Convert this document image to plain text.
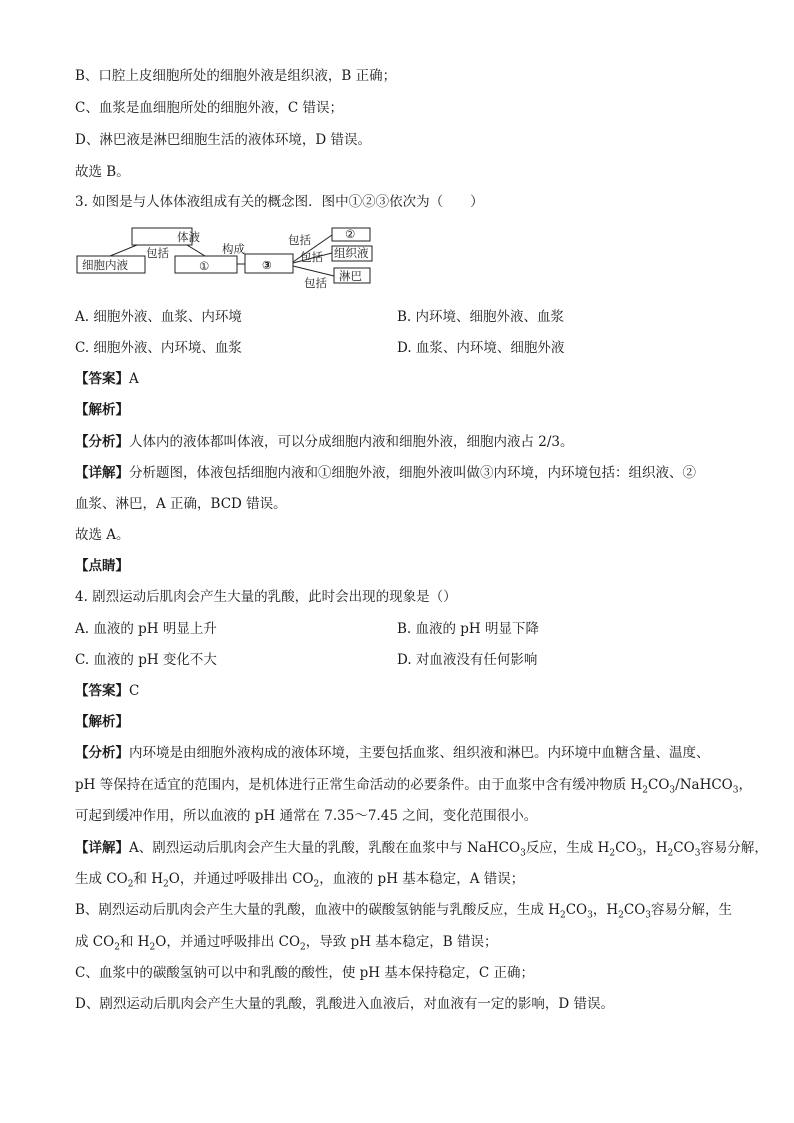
B、口腔上皮细胞所处的细胞外液是组织液，B 正确；
C、血浆是血细胞所处的细胞外液，C 错误；
D、淋巴液是淋巴细胞生活的液体环境，D 错误。
故选 B。
3. 如图是与人体体液组成有关的概念图．图中①②③依次为（　　）
体液
细胞内液	①	③
②
组织液
淋巴
包括	构成
包括
包括
包括
A. 细胞外液、血浆、内环境	B. 内环境、细胞外液、血浆
C. 细胞外液、内环境、血浆	D. 血浆、内环境、细胞外液
【答案】A
【解析】
【分析】人体内的液体都叫体液，可以分成细胞内液和细胞外液，细胞内液占 2/3。
【详解】分析题图，体液包括细胞内液和①细胞外液，细胞外液叫做③内环境，内环境包括：组织液、②
血浆、淋巴，A 正确，BCD 错误。
故选 A。
【点睛】
4. 剧烈运动后肌肉会产生大量的乳酸，此时会出现的现象是（）
A. 血液的 pH 明显上升	B. 血液的 pH 明显下降
C. 血液的 pH 变化不大	D. 对血液没有任何影响
【答案】C
【解析】
【分析】内环境是由细胞外液构成的液体环境，主要包括血浆、组织液和淋巴。内环境中血糖含量、温度、
pH 等保持在适宜的范围内，是机体进行正常生命活动的必要条件。由于血浆中含有缓冲物质 $H_2CO_3/NaHCO_3$，
可起到缓冲作用，所以血液的 pH 通常在 7.35～7.45 之间，变化范围很小。
【详解】A、剧烈运动后肌肉会产生大量的乳酸，乳酸在血浆中与 NaHCO$_3$反应，生成 $H_2CO_3$，$H_2CO_3$容易分解，
生成 $CO_2$和 $H_2O$，并通过呼吸排出 $CO_2$，血液的 pH 基本稳定，A 错误；
B、剧烈运动后肌肉会产生大量的乳酸，血液中的碳酸氢钠能与乳酸反应，生成 $H_2CO_3$，$H_2CO_3$容易分解，生
成 $CO_2$和 $H_2O$，并通过呼吸排出 $CO_2$，导致 pH 基本稳定，B 错误；
C、血浆中的碳酸氢钠可以中和乳酸的酸性，使 pH 基本保持稳定，C 正确；
D、剧烈运动后肌肉会产生大量的乳酸，乳酸进入血液后，对血液有一定的影响，D 错误。
